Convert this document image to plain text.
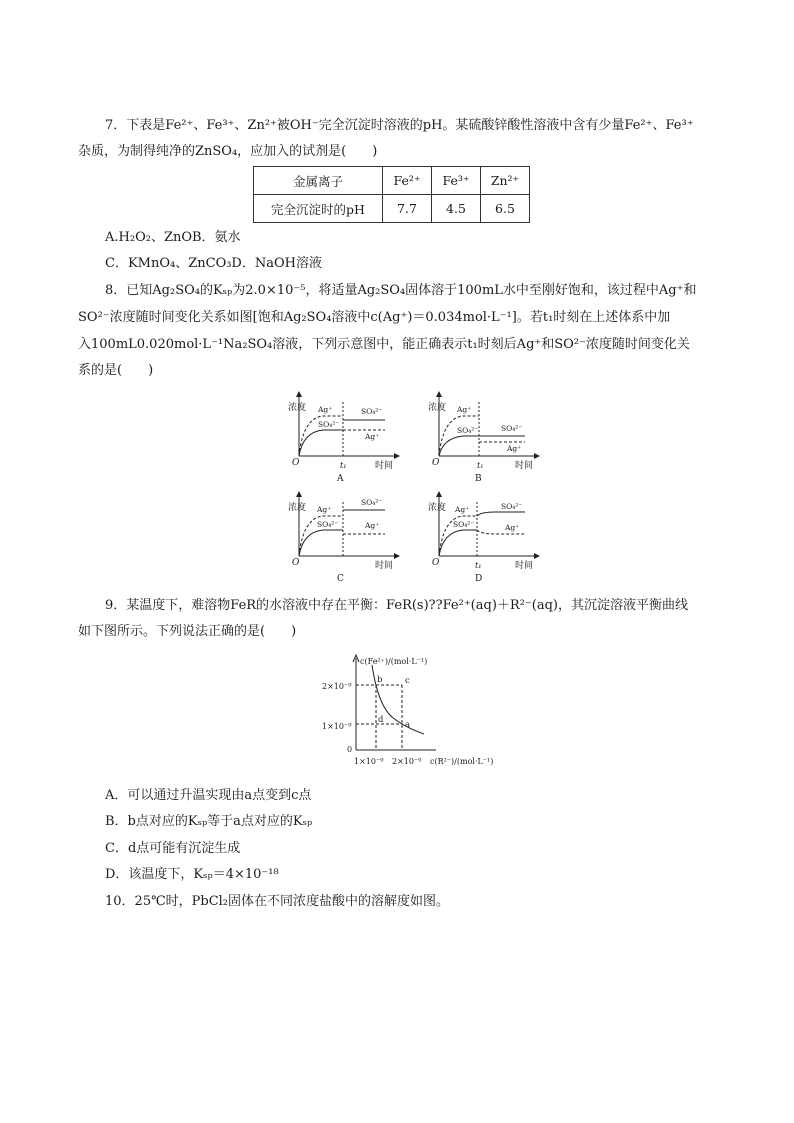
7．下表是Fe²⁺、Fe³⁺、Zn²⁺被OH⁻完全沉淀时溶液的pH。某硫酸锌酸性溶液中含有少量Fe²⁺、Fe³⁺
杂质，为制得纯净的ZnSO₄，应加入的试剂是(　　)
金属离子	Fe²⁺	Fe³⁺	Zn²⁺
完全沉淀时的pH	7.7	4.5	6.5
A.H₂O₂、ZnOB．氨水
C．KMnO₄、ZnCO₃D．NaOH溶液
8．已知Ag₂SO₄的Kₛₚ为2.0×10⁻⁵，将适量Ag₂SO₄固体溶于100mL水中至刚好饱和，该过程中Ag⁺和
SO²⁻浓度随时间变化关系如图[饱和Ag₂SO₄溶液中c(Ag⁺)＝0.034mol·L⁻¹]。若t₁时刻在上述体系中加
入100mL0.020mol·L⁻¹Na₂SO₄溶液，下列示意图中，能正确表示t₁时刻后Ag⁺和SO²⁻浓度随时间变化关
系的是(　　)
浓度
O	时间
t₁
Ag⁺
SO₄²⁻
SO₄²⁻
Ag⁺
A
浓度
O	时间
t₁
Ag⁺
SO₄²⁻	SO₄²⁻
Ag⁺
B
浓度
O	时间
Ag⁺
SO₄²⁻
SO₄²⁻
Ag⁺
C
浓度
O	时间
t₁
Ag⁺
SO₄²⁻
SO₄²⁻
Ag⁺
D
9．某温度下，难溶物FeR的水溶液中存在平衡：FeR(s)??Fe²⁺(aq)＋R²⁻(aq)，其沉淀溶液平衡曲线
如下图所示。下列说法正确的是(　　)
c(Fe²⁺)/(mol·L⁻¹)
2×10⁻⁹
1×10⁻⁹
0
1×10⁻⁹ 2×10⁻⁹ c(R²⁻)/(mol·L⁻¹)
b	c
d	a
A．可以通过升温实现由a点变到c点
B．b点对应的Kₛₚ等于a点对应的Kₛₚ
C．d点可能有沉淀生成
D．该温度下，Kₛₚ＝4×10⁻¹⁸
10．25℃时，PbCl₂固体在不同浓度盐酸中的溶解度如图。
